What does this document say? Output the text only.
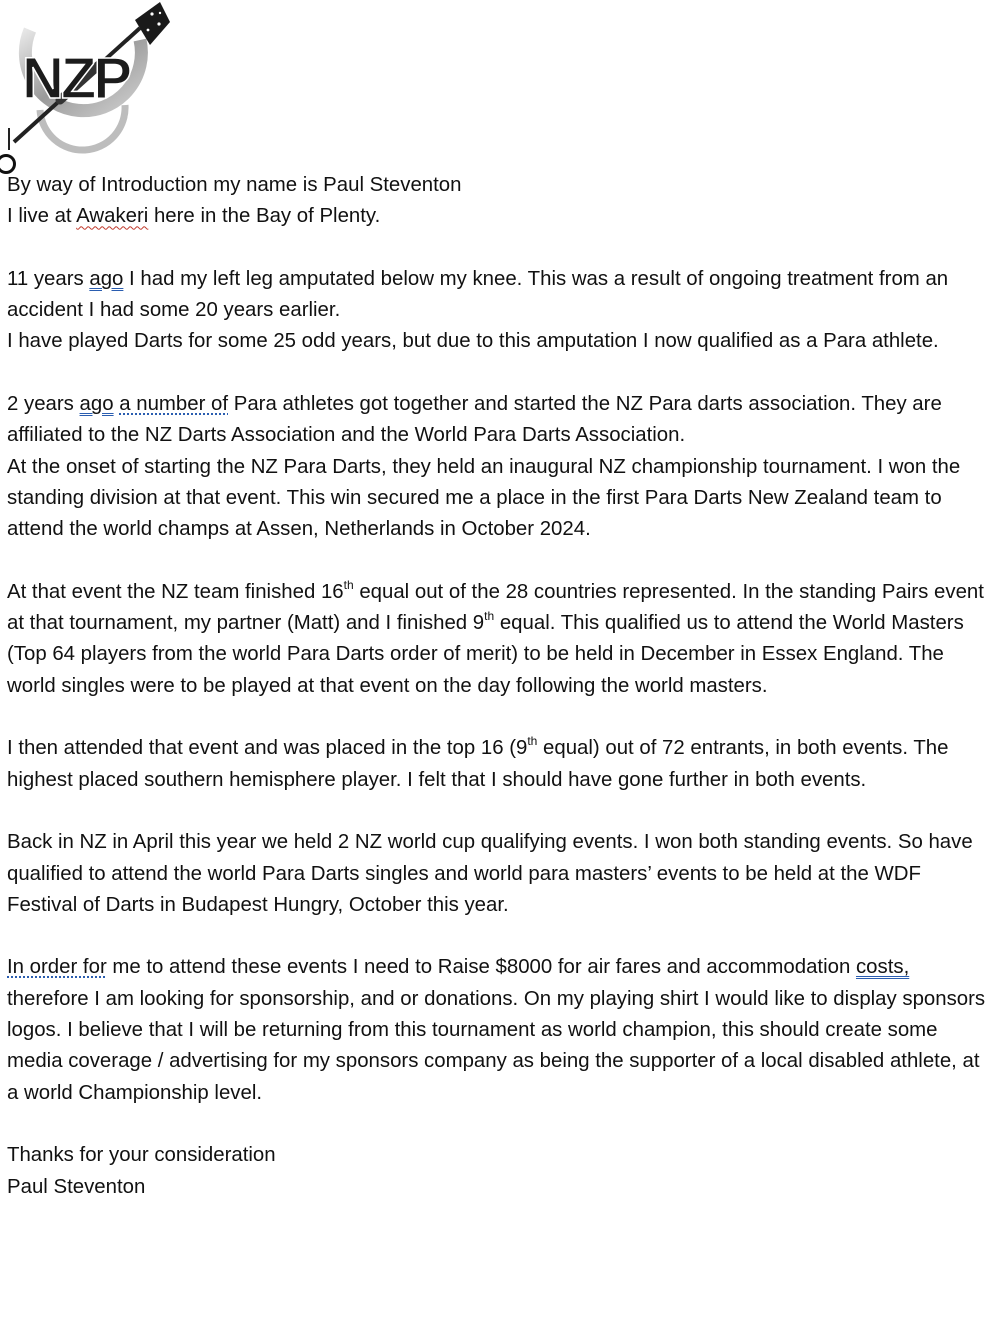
NZP

By way of Introduction my name is Paul Steventon

I live at Awakeri here in the Bay of Plenty.

11 years ago I had my left leg amputated below my knee. This was a result of ongoing treatment from an accident I had some 20 years earlier.

I have played Darts for some 25 odd years, but due to this amputation I now qualified as a Para athlete.

2 years ago a number of Para athletes got together and started the NZ Para darts association. They are affiliated to the NZ Darts Association and the World Para Darts Association.

At the onset of starting the NZ Para Darts, they held an inaugural NZ championship tournament. I won the standing division at that event. This win secured me a place in the first Para Darts New Zealand team to attend the world champs at Assen, Netherlands in October 2024.

At that event the NZ team finished 16th equal out of the 28 countries represented. In the standing Pairs event at that tournament, my partner (Matt) and I finished 9th equal. This qualified us to attend the World Masters (Top 64 players from the world Para Darts order of merit) to be held in December in Essex England. The world singles were to be played at that event on the day following the world masters.

I then attended that event and was placed in the top 16 (9th equal) out of 72 entrants, in both events. The highest placed southern hemisphere player. I felt that I should have gone further in both events.

Back in NZ in April this year we held 2 NZ world cup qualifying events. I won both standing events. So have qualified to attend the world Para Darts singles and world para masters’ events to be held at the WDF Festival of Darts in Budapest Hungry, October this year.

In order for me to attend these events I need to Raise $8000 for air fares and accommodation costs, therefore I am looking for sponsorship, and or donations. On my playing shirt I would like to display sponsors logos. I believe that I will be returning from this tournament as world champion, this should create some media coverage / advertising for my sponsors company as being the supporter of a local disabled athlete, at a world Championship level.

Thanks for your consideration

Paul Steventon
